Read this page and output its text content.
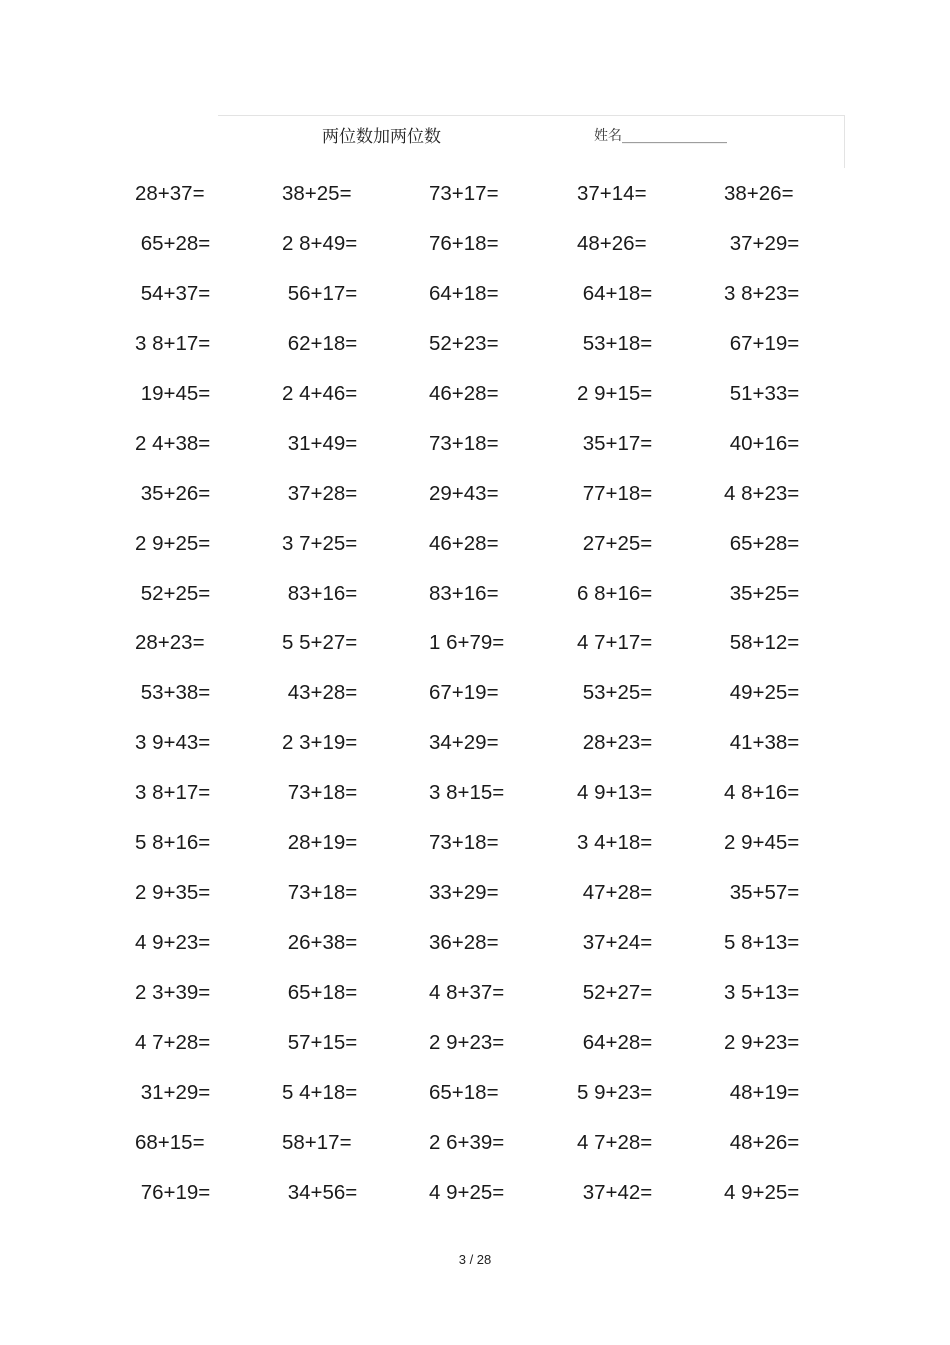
两位数加两位数	姓名_______________
28+37=	38+25=	73+17=	37+14=	38+26=
65+28=	2 8+49=	76+18=	48+26=	37+29=
54+37=	56+17=	64+18=	64+18=	3 8+23=
3 8+17=	62+18=	52+23=	53+18=	67+19=
19+45=	2 4+46=	46+28=	2 9+15=	51+33=
2 4+38=	31+49=	73+18=	35+17=	40+16=
35+26=	37+28=	29+43=	77+18=	4 8+23=
2 9+25=	3 7+25=	46+28=	27+25=	65+28=
52+25=	83+16=	83+16=	6 8+16=	35+25=
28+23=	5 5+27=	1 6+79=	4 7+17=	58+12=
53+38=	43+28=	67+19=	53+25=	49+25=
3 9+43=	2 3+19=	34+29=	28+23=	41+38=
3 8+17=	73+18=	3 8+15=	4 9+13=	4 8+16=
5 8+16=	28+19=	73+18=	3 4+18=	2 9+45=
2 9+35=	73+18=	33+29=	47+28=	35+57=
4 9+23=	26+38=	36+28=	37+24=	5 8+13=
2 3+39=	65+18=	4 8+37=	52+27=	3 5+13=
4 7+28=	57+15=	2 9+23=	64+28=	2 9+23=
31+29=	5 4+18=	65+18=	5 9+23=	48+19=
68+15=	58+17=	2 6+39=	4 7+28=	48+26=
76+19=	34+56=	4 9+25=	37+42=	4 9+25=
3 / 28
